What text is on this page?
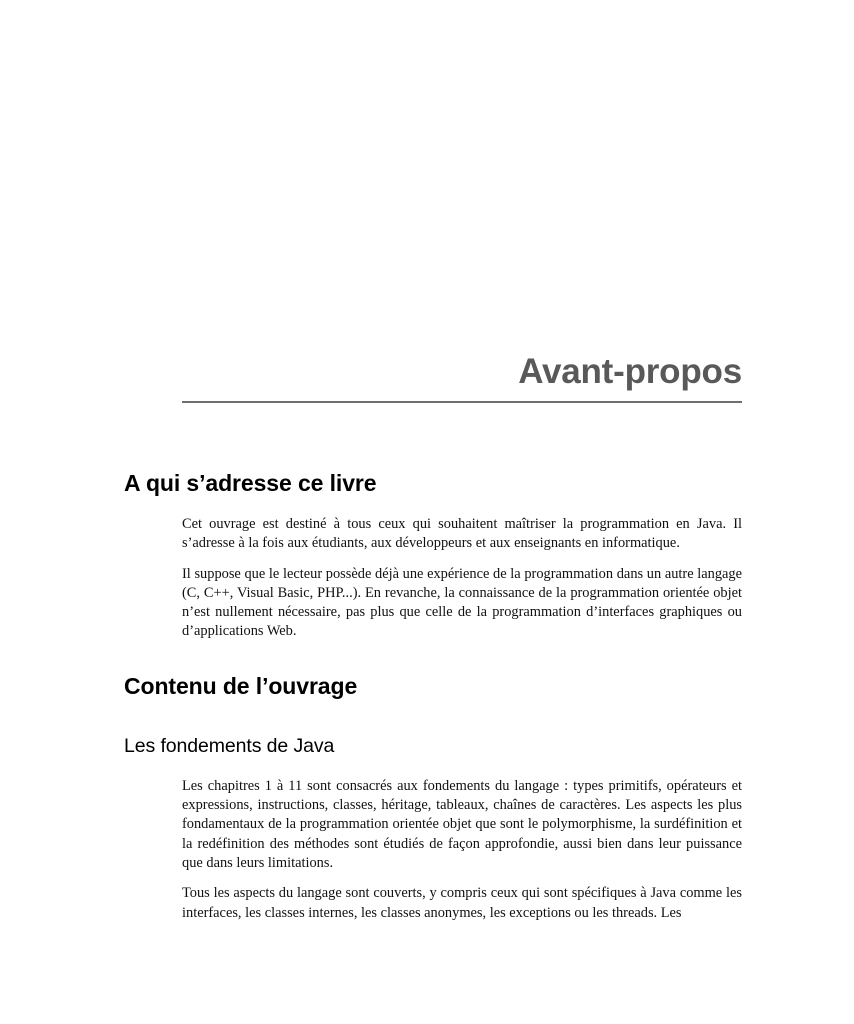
Avant-propos
A qui s’adresse ce livre

Cet ouvrage est destiné à tous ceux qui souhaitent maîtriser la programmation en Java. Il s’adresse à la fois aux étudiants, aux développeurs et aux enseignants en informatique.

Il suppose que le lecteur possède déjà une expérience de la programmation dans un autre langage (C, C++, Visual Basic, PHP...). En revanche, la connaissance de la programmation orientée objet n’est nullement nécessaire, pas plus que celle de la programmation d’interfaces graphiques ou d’applications Web.

Contenu de l’ouvrage
Les fondements de Java

Les chapitres 1 à 11 sont consacrés aux fondements du langage : types primitifs, opérateurs et expressions, instructions, classes, héritage, tableaux, chaînes de caractères. Les aspects les plus fondamentaux de la programmation orientée objet que sont le polymorphisme, la surdéfinition et la redéfinition des méthodes sont étudiés de façon approfondie, aussi bien dans leur puissance que dans leurs limitations.

Tous les aspects du langage sont couverts, y compris ceux qui sont spécifiques à Java comme les interfaces, les classes internes, les classes anonymes, les exceptions ou les threads. Les
